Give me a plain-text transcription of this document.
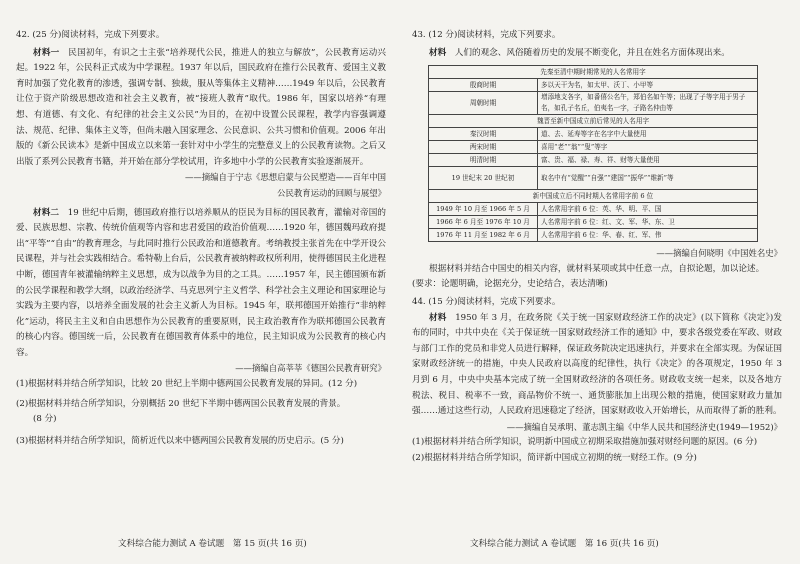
42. (25 分)阅读材料，完成下列要求。

材料一　民国初年，有识之士主张“培养现代公民，推进人的独立与解放”，公民教育运动兴起。1922 年，公民科正式成为中学课程。1937 年以后，国民政府在推行公民教育、爱国主义教育时加强了党化教育的渗透，强调专制、独裁，服从等集体主义精神……1949 年以后，公民教育让位于资产阶级思想改造和社会主义教育，被“接班人教育”取代。1986 年，国家以培养“有理想、有道德、有文化、有纪律的社会主义公民”为目的，在初中设置公民课程，教学内容强调遵法、规范、纪律、集体主义等，但尚未融入国家理念、公民意识、公共习惯和价值观。2006 年出版的《新公民读本》是新中国成立以来第一套针对中小学生的完整意义上的公民教育读物。之后又出版了系列公民教育书籍，并开始在部分学校试用，许多地中小学的公民教育实验逐渐展开。

——摘编自于宁志《思想启蒙与公民塑造——百年中国

公民教育运动的回顾与展望》

材料二　19 世纪中后期，德国政府推行以培养顺从的臣民为目标的国民教育，灌输对帝国的爱、民族思想、宗教、传统价值观等内容和忠君爱国的政治价值观……1920 年，德国魏玛政府提出“平等”“自由”的教育理念，与此同时推行公民政治和道德教育。考纳教授主张首先在中学开设公民课程，并与社会实践相结合。希特勒上台后，公民教育被纳粹政权所利用，使得德国民主化进程中断，德国青年被灌输纳粹主义思想，成为以战争为目的之工具。……1957 年，民主德国颁布新的公民学课程和教学大纲，以政治经济学、马克思列宁主义哲学、科学社会主义理论和国家理论与实践为主要内容，以培养全面发展的社会主义新人为目标。1945 年，联邦德国开始推行“非纳粹化”运动，将民主主义和自由思想作为公民教育的重要原则，民主政治教育作为联邦德国公民教育的核心内容。德国统一后，公民教育在德国教育体系中的地位，民主知识成为公民教育的核心内容。

——摘编自高莘莘《德国公民教育研究》

(1)根据材料并结合所学知识，比较 20 世纪上半期中德两国公民教育发展的异同。(12 分)

(2)根据材料并结合所学知识，分别概括 20 世纪下半期中德两国公民教育发展的背景。

(8 分)

(3)根据材料并结合所学知识，简析近代以来中德两国公民教育发展的历史启示。(5 分)

43. (12 分)阅读材料，完成下列要求。

材料　人们的观念、风俗随着历史的发展不断变化，并且在姓名方面体现出来。

先秦至清中期时期常见的人名常用字	
殷商时期	多以天干为名，如太甲、沃丁、小甲等
周朝时期	增添地支各字，如番僖公名午，郑伯名如午等；出现了子等字用于男子名，如孔子名丘，伯夷名一字，子路名仲由等
魏晋至新中国成立前后常见的人名用字	
秦汉时期	道、去、延寿等字在名字中大量使用
两宋时期	喜用“老”“翁”“叟”等字
明清时期	富、贵、福、禄、寿、祥、财等大量使用
19 世纪末 20 世纪初	取名中有“觉醒”“自强”“建国”“振华”“维新”等
新中国成立后不同时期人名常用字前 6 位	
1949 年 10 月至 1966 年 5 月	人名常用字前 6 位：英、华、明、平、国
1966 年 6 月至 1976 年 10 月	人名常用字前 6 位：红、文、军、华、东、卫
1976 年 11 月至 1982 年 6 月	人名常用字前 6 位：华、春、红、军、伟

——摘编自何晓明《中国姓名史》

根据材料并结合中国史的相关内容，就材料某项或其中任意一点，自拟论题，加以论述。

(要求：论题明确，论据充分，史论结合，表达清晰)

44. (15 分)阅读材料，完成下列要求。

材料　1950 年 3 月，在政务院《关于统一国家财政经济工作的决定》(以下简称《决定》)发布的同时，中共中央在《关于保证统一国家财政经济工作的通知》中，要求各级党委在军政、财政与部门工作的党员和非党人员进行解释，保证政务院决定迅速执行，并要求在全部实现。为保证国家财政经济统一的措施，中央人民政府以高度的纪律性，执行《决定》的各项规定，1950 年 3 月到 6 月，中央中央基本完成了统一全国财政经济的各项任务。财政收支统一起来，以及各地方税法、税目、税率不一致，商品物价不统一、通货膨胀加上出现公粮的措施，使国家财政力量加强……通过这些行动，人民政府迅速稳定了经济，国家财政收入开始增长，从而取得了新的胜利。

——摘编自吴承明、董志凯主编《中华人民共和国经济史(1949—1952)》

(1)根据材料并结合所学知识，说明新中国成立初期采取措施加强对财经问题的原因。(6 分)

(2)根据材料并结合所学知识，简评新中国成立初期的统一财经工作。(9 分)

文科综合能力测试 A 卷试题　第 15 页(共 16 页)	文科综合能力测试 A 卷试题　第 16 页(共 16 页)
